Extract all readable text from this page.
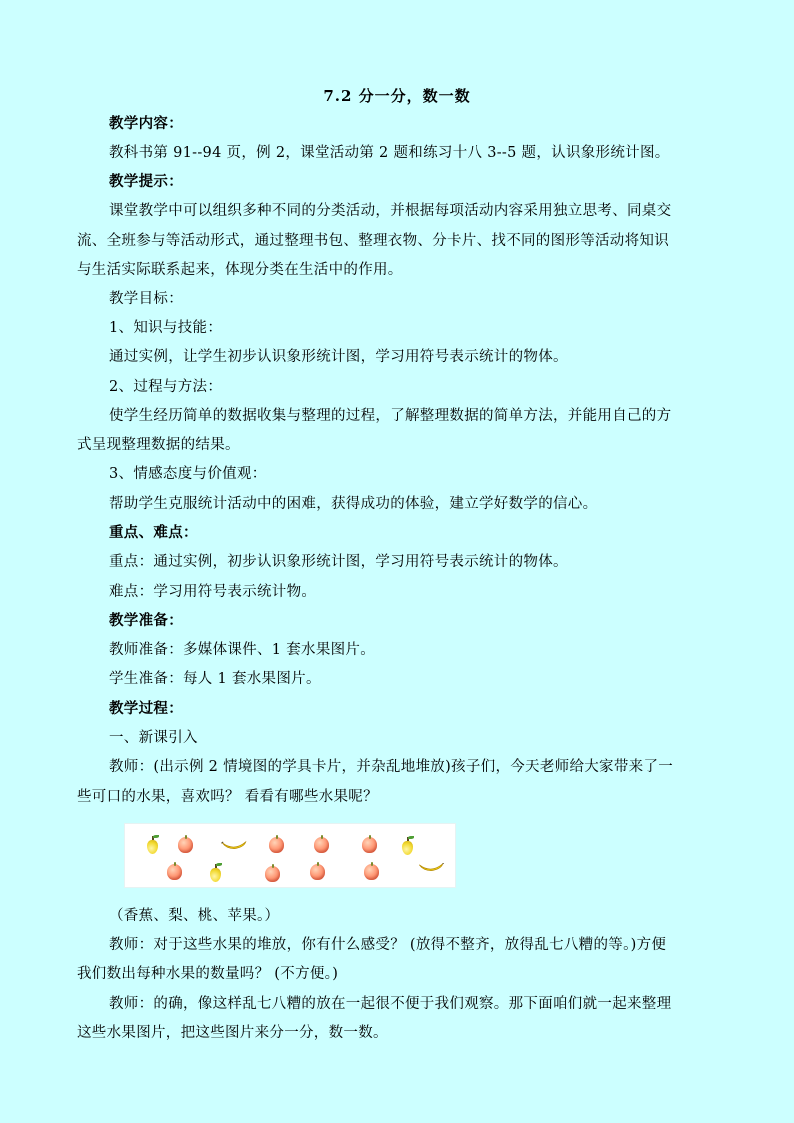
7.2 分一分，数一数
教学内容：
教科书第 91--94 页，例 2，课堂活动第 2 题和练习十八 3--5 题，认识象形统计图。
教学提示：
课堂教学中可以组织多种不同的分类活动，并根据每项活动内容采用独立思考、同桌交
流、全班参与等活动形式，通过整理书包、整理衣物、分卡片、找不同的图形等活动将知识
与生活实际联系起来，体现分类在生活中的作用。
教学目标：
1、知识与技能：
通过实例，让学生初步认识象形统计图，学习用符号表示统计的物体。
2、过程与方法：
使学生经历简单的数据收集与整理的过程，了解整理数据的简单方法，并能用自己的方
式呈现整理数据的结果。
3、情感态度与价值观：
帮助学生克服统计活动中的困难，获得成功的体验，建立学好数学的信心。
重点、难点：
重点：通过实例，初步认识象形统计图，学习用符号表示统计的物体。
难点：学习用符号表示统计物。
教学准备：
教师准备：多媒体课件、1 套水果图片。
学生准备：每人 1 套水果图片。
教学过程：
一、新课引入
教师：(出示例 2 情境图的学具卡片，并杂乱地堆放)孩子们，今天老师给大家带来了一
些可口的水果，喜欢吗？ 看看有哪些水果呢？
（香蕉、梨、桃、苹果。）
教师：对于这些水果的堆放，你有什么感受？ (放得不整齐，放得乱七八糟的等。)方便
我们数出每种水果的数量吗？ (不方便。)
教师：的确，像这样乱七八糟的放在一起很不便于我们观察。那下面咱们就一起来整理
这些水果图片，把这些图片来分一分，数一数。
